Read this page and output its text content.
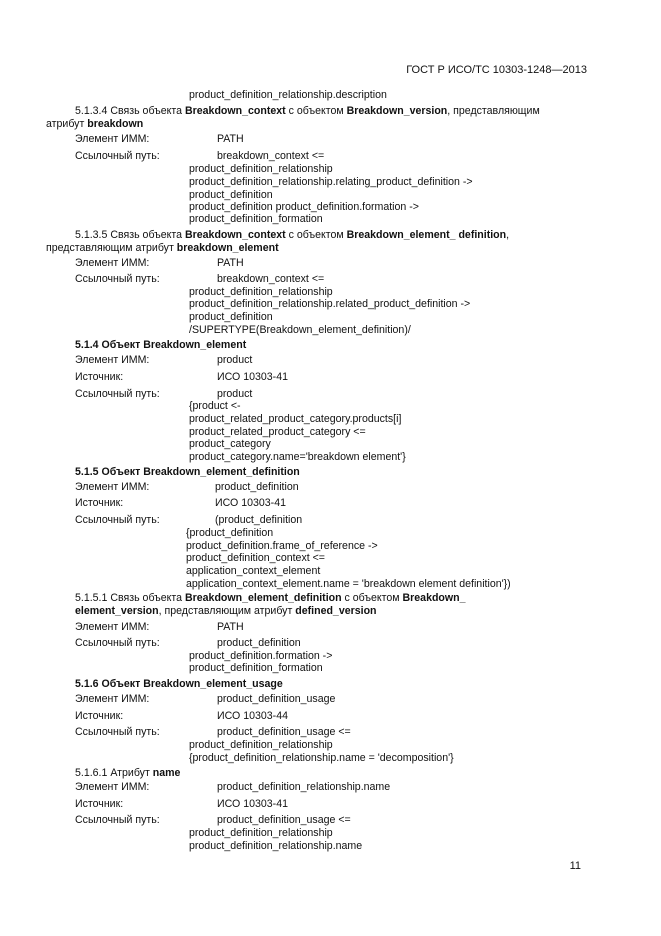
ГОСТ Р ИСО/ТС 10303-1248—2013
product_definition_relationship.description
5.1.3.4 Связь объекта Breakdown_context с объектом Breakdown_version, представляющим
атрибут breakdown
Элемент ИММ:	PATH
Ссылочный путь:	breakdown_context <=
product_definition_relationship
product_definition_relationship.relating_product_definition ->
product_definition
product_definition product_definition.formation ->
product_definition_formation
5.1.3.5 Связь объекта Breakdown_context с объектом Breakdown_element_ definition,
представляющим атрибут breakdown_element
Элемент ИММ:	PATH
Ссылочный путь:	breakdown_context <=
product_definition_relationship
product_definition_relationship.related_product_definition ->
product_definition
/SUPERTYPE(Breakdown_element_definition)/
5.1.4 Объект Breakdown_element
Элемент ИММ:	product
Источник:	ИСО 10303-41
Ссылочный путь:	product
{product <-
product_related_product_category.products[i]
product_related_product_category <=
product_category
product_category.name='breakdown element'}
5.1.5 Объект Breakdown_element_definition
Элемент ИММ:	product_definition
Источник:	ИСО 10303-41
Ссылочный путь:	(product_definition
{product_definition
product_definition.frame_of_reference ->
product_definition_context <=
application_context_element
application_context_element.name = 'breakdown element definition'})
5.1.5.1 Связь объекта Breakdown_element_definition с объектом Breakdown_
element_version, представляющим атрибут defined_version
Элемент ИММ:	PATH
Ссылочный путь:	product_definition
product_definition.formation ->
product_definition_formation
5.1.6 Объект Breakdown_element_usage
Элемент ИММ:	product_definition_usage
Источник:	ИСО 10303-44
Ссылочный путь:	product_definition_usage <=
product_definition_relationship
{product_definition_relationship.name = 'decomposition'}
5.1.6.1 Атрибут name
Элемент ИММ:	product_definition_relationship.name
Источник:	ИСО 10303-41
Ссылочный путь:	product_definition_usage <=
product_definition_relationship
product_definition_relationship.name
11
